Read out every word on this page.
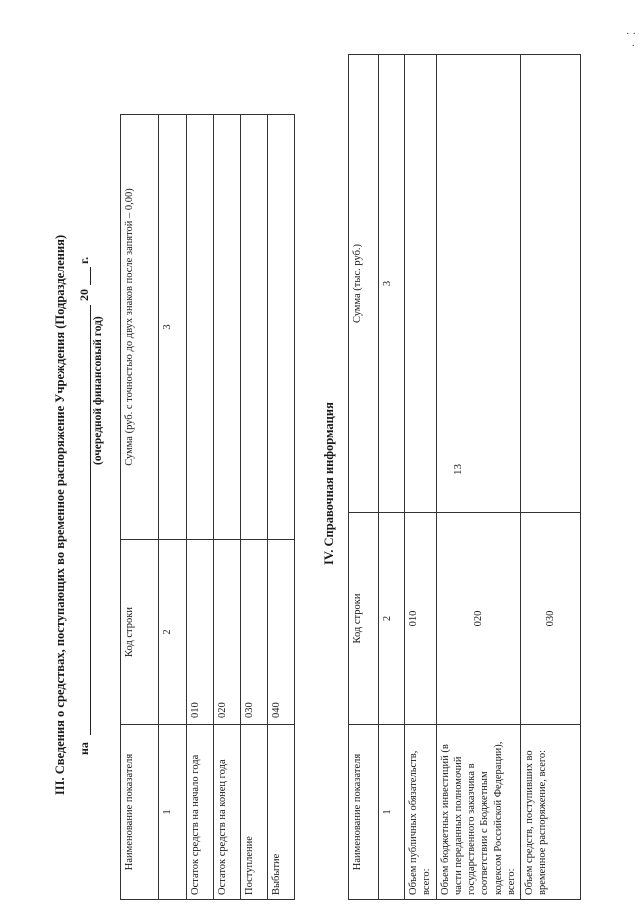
13
III. Сведения о средствах, поступающих во временное распоряжение Учреждения (Подразделения) на
20
г.
(очередной финансовый год)
Наименование показателя	Код строки	Сумма (руб. с точностью до двух знаков после запятой – 0,00)
1	2	3
Остаток средств на начало года	010	
Остаток средств на конец года	020	
Поступление	030	
Выбытие	040	
IV. Справочная информация
Наименование показателя	Код строки	Сумма (тыс. руб.)
1	2	3
Объем публичных обязательств, всего:	010	
Объем бюджетных инвестиций (в части переданных полномочий государственного заказчика в соответствии с Бюджетным кодексом Российской Федерации), всего:	020	
Объем средств, поступивших во временное распоряжение, всего:	030	
· ·
·
